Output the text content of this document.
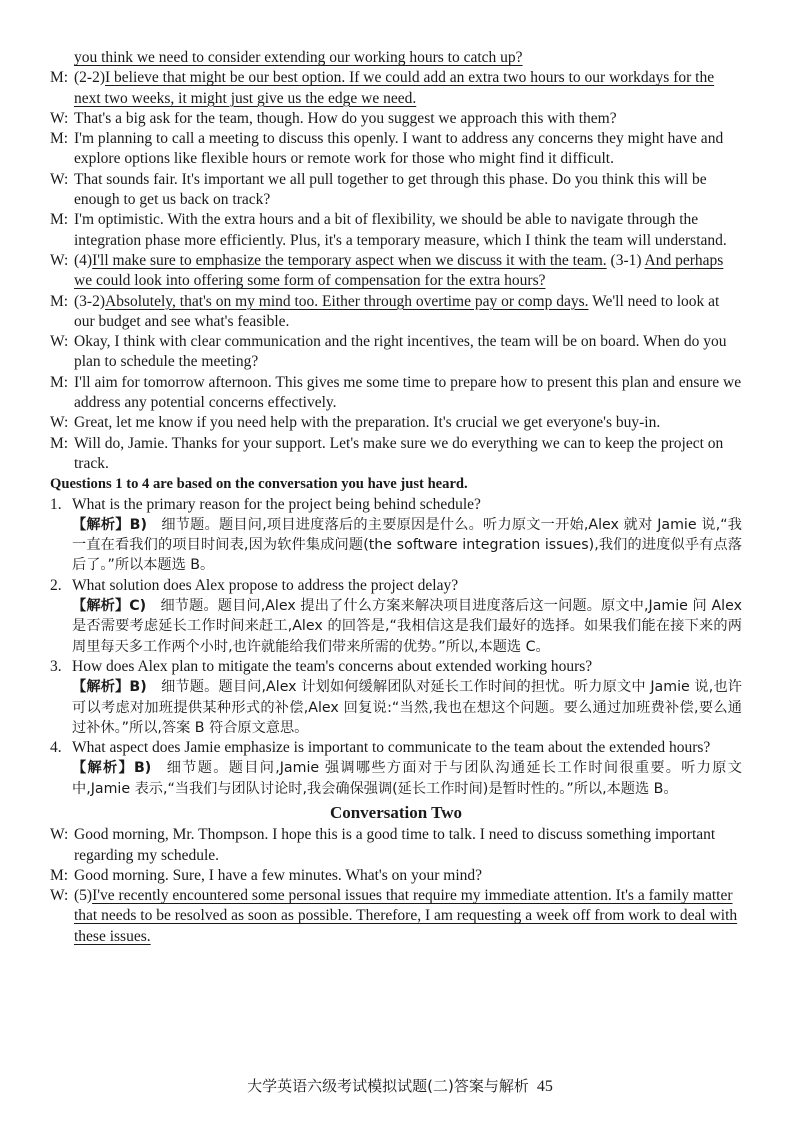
you think we need to consider extending our working hours to catch up?
M: (2-2)I believe that might be our best option. If we could add an extra two hours to our workdays for the next two weeks, it might just give us the edge we need.
W: That's a big ask for the team, though. How do you suggest we approach this with them?
M: I'm planning to call a meeting to discuss this openly. I want to address any concerns they might have and explore options like flexible hours or remote work for those who might find it difficult.
W: That sounds fair. It's important we all pull together to get through this phase. Do you think this will be enough to get us back on track?
M: I'm optimistic. With the extra hours and a bit of flexibility, we should be able to navigate through the integration phase more efficiently. Plus, it's a temporary measure, which I think the team will understand.
W: (4)I'll make sure to emphasize the temporary aspect when we discuss it with the team. (3-1) And perhaps we could look into offering some form of compensation for the extra hours?
M: (3-2)Absolutely, that's on my mind too. Either through overtime pay or comp days. We'll need to look at our budget and see what's feasible.
W: Okay, I think with clear communication and the right incentives, the team will be on board. When do you plan to schedule the meeting?
M: I'll aim for tomorrow afternoon. This gives me some time to prepare how to present this plan and ensure we address any potential concerns effectively.
W: Great, let me know if you need help with the preparation. It's crucial we get everyone's buy-in.
M: Will do, Jamie. Thanks for your support. Let's make sure we do everything we can to keep the project on track.
Questions 1 to 4 are based on the conversation you have just heard.
1. What is the primary reason for the project being behind schedule?
【解析】B)  细节题。题目问,项目进度落后的主要原因是什么。听力原文一开始,Alex 就对 Jamie 说,“我一直在看我们的项目时间表,因为软件集成问题(the software integration issues),我们的进度似乎有点落后了。”所以本题选 B。
2. What solution does Alex propose to address the project delay?
【解析】C)  细节题。题目问,Alex 提出了什么方案来解决项目进度落后这一问题。原文中,Jamie 问 Alex 是否需要考虑延长工作时间来赶工,Alex 的回答是,“我相信这是我们最好的选择。如果我们能在接下来的两周里每天多工作两个小时,也许就能给我们带来所需的优势。”所以,本题选 C。
3. How does Alex plan to mitigate the team's concerns about extended working hours?
【解析】B)  细节题。题目问,Alex 计划如何缓解团队对延长工作时间的担忧。听力原文中 Jamie 说,也许可以考虑对加班提供某种形式的补偿,Alex 回复说:“当然,我也在想这个问题。要么通过加班费补偿,要么通过补休。”所以,答案 B 符合原文意思。
4. What aspect does Jamie emphasize is important to communicate to the team about the extended hours?
【解析】B)  细节题。题目问,Jamie 强调哪些方面对于与团队沟通延长工作时间很重要。听力原文中,Jamie 表示,“当我们与团队讨论时,我会确保强调(延长工作时间)是暂时性的。”所以,本题选 B。
Conversation Two
W: Good morning, Mr. Thompson. I hope this is a good time to talk. I need to discuss something important regarding my schedule.
M: Good morning. Sure, I have a few minutes. What's on your mind?
W: (5)I've recently encountered some personal issues that require my immediate attention. It's a family matter that needs to be resolved as soon as possible. Therefore, I am requesting a week off from work to deal with these issues.
大学英语六级考试模拟试题(二)答案与解析 45
